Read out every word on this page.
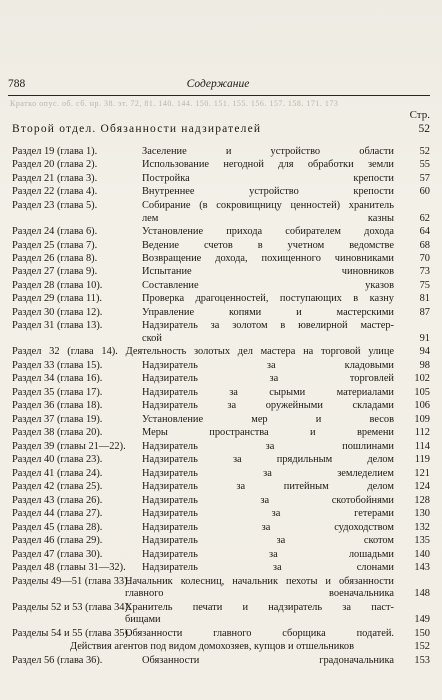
788	Содержание
Кратко опус. об. сб. нр. 38. эт. 72, 81. 140. 144. 150. 151. 155. 156. 157. 158. 171. 173
Стр.
Второй отдел. Обязанности надзирателей	52
Раздел 19 (глава 1).	Заселение и устройство области 52
Раздел 20 (глава 2).	Использование негодной для обработки земли 55
Раздел 21 (глава 3).	Постройка крепости 57
Раздел 22 (глава 4).	Внутреннее устройство крепости 60
Раздел 23 (глава 5).	Собирание (в сокровищницу ценностей) хранитель
лем казны 62
Раздел 24 (глава 6).	Установление прихода собирателем дохода 64
Раздел 25 (глава 7).	Ведение счетов в учетном ведомстве 68
Раздел 26 (глава 8).	Возвращение дохода, похищенного чиновниками 70
Раздел 27 (глава 9).	Испытание чиновников 73
Раздел 28 (глава 10).	Составление указов 75
Раздел 29 (глава 11).	Проверка драгоценностей, поступающих в казну 81
Раздел 30 (глава 12).	Управление копями и мастерскими 87
Раздел 31 (глава 13).	Надзиратель за золотом в ювелирной мастер-
ской	91
Раздел 32 (глава 14). Деятельность золотых дел мастера на торговой улице 94
Раздел 33 (глава 15).	Надзиратель за кладовыми 98
Раздел 34 (глава 16).	Надзиратель за торговлей 102
Раздел 35 (глава 17).	Надзиратель за сырыми материалами 105
Раздел 36 (глава 18).	Надзиратель за оружейными складами 106
Раздел 37 (глава 19).	Установление мер и весов 109
Раздел 38 (глава 20).	Меры пространства и времени 112
Раздел 39 (главы 21—22). Надзиратель за пошлинами 114
Раздел 40 (глава 23).	Надзиратель за прядильным делом 119
Раздел 41 (глава 24).	Надзиратель за земледелием 121
Раздел 42 (глава 25).	Надзиратель за питейным делом 124
Раздел 43 (глава 26).	Надзиратель за скотобойнями 128
Раздел 44 (глава 27).	Надзиратель за гетерами 130
Раздел 45 (глава 28).	Надзиратель за судоходством 132
Раздел 46 (глава 29).	Надзиратель за скотом 135
Раздел 47 (глава 30).	Надзиратель за лошадьми 140
Раздел 48 (главы 31—32). Надзиратель за слонами 143
Разделы 49—51 (глава 33).
Начальник колесниц, начальник пехоты и обязанности главного военачальника 148
Разделы 52 и 53 (глава 34).
Хранитель печати и надзиратель за паст-
бищами	149
Разделы 54 и 55 (глава 35).
Обязанности главного сборщика податей. 150
Действия агентов под видом домохозяев, купцов и отшельников	152
Раздел 56 (глава 36).	Обязанности градоначальника 153
